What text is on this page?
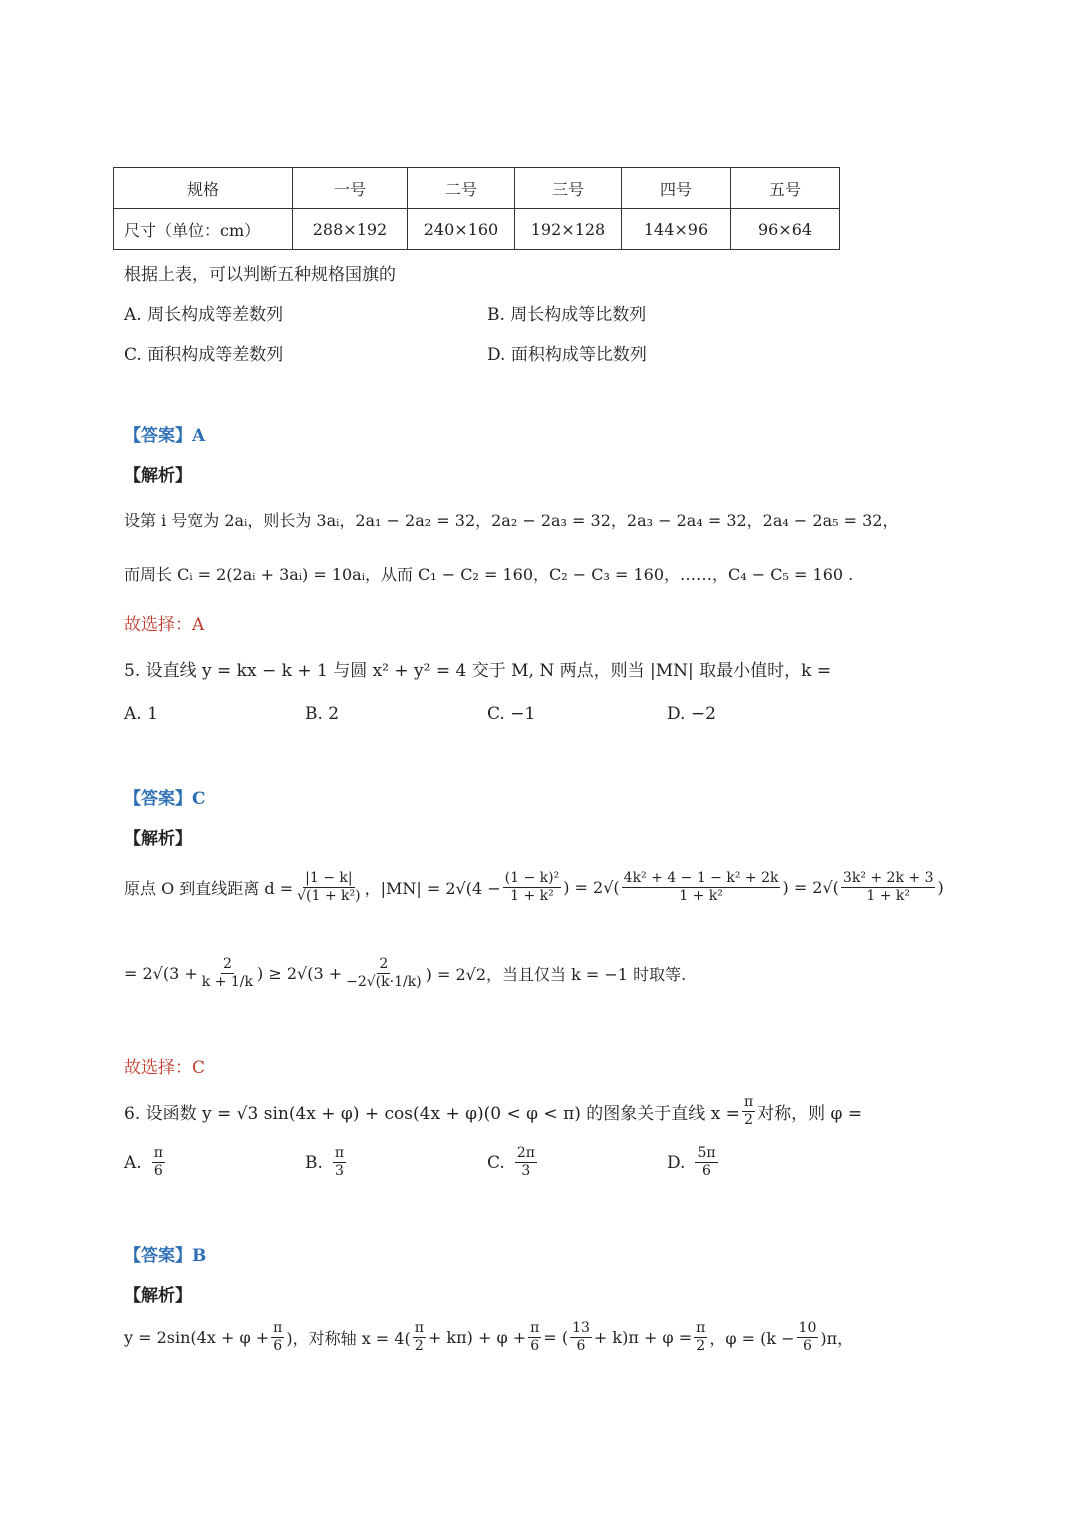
规格	一号	二号	三号	四号	五号
尺寸（单位：cm）	288×192	240×160	192×128	144×96	96×64
根据上表，可以判断五种规格国旗的
A. 周长构成等差数列	B. 周长构成等比数列
C. 面积构成等差数列	D. 面积构成等比数列
【答案】A
【解析】
设第 i 号宽为 2aᵢ，则长为 3aᵢ，2a₁ − 2a₂ = 32，2a₂ − 2a₃ = 32，2a₃ − 2a₄ = 32，2a₄ − 2a₅ = 32，
而周长 Cᵢ = 2(2aᵢ + 3aᵢ) = 10aᵢ，从而 C₁ − C₂ = 160，C₂ − C₃ = 160，……，C₄ − C₅ = 160 .
故选择：A
5. 设直线 y = kx − k + 1 与圆 x² + y² = 4 交于 M, N 两点，则当 |MN| 取最小值时，k =
A. 1	B. 2	C. −1	D. −2
【答案】C
【解析】
原点 O 到直线距离 $d = \frac{|1 - k|}{\text{√(1 + k²)}}$ ，$|MN| = 2√(4 - \frac{\text{(1 − k)²}}{\text{1 + k²}}$ ) = $2√( \frac{\text{4k² + 4 − 1 − k² + 2k}}{\text{1 + k²}}$ ) = $2√( \frac{\text{3k² + 2k + 3}}{\text{1 + k²}}$ )
= $2√(3 + \frac{2}{k + 1/k}$ ) ≥ $2√(3 + \frac{2}{-2√(k\cdot 1/k)}$ ) = 2√2，当且仅当 k = −1 时取等.
故选择：C
6. 设函数 y = √3 sin(4x + φ) + cos(4x + φ)(0 < φ < π) 的图象关于直线 $x = \frac{\pi}{2}$ 对称，则 φ =
A. $\frac{\pi}{6}$	B. $\frac{\pi}{3}$	C. $\frac{2\pi}{3}$	D. $\frac{5\pi}{6}$
【答案】B
【解析】
$y = 2\sin(4x + \varphi + \frac{\pi}{6}$ )，对称轴 $x = 4( \frac{\pi}{2} + k\pi) + \varphi + \frac{\pi}{6}$ = ( $\frac{13}{6} + k)\pi + \varphi = \frac{\pi}{2}$ ，$\varphi = (k - \frac{10}{6} )\pi$，
